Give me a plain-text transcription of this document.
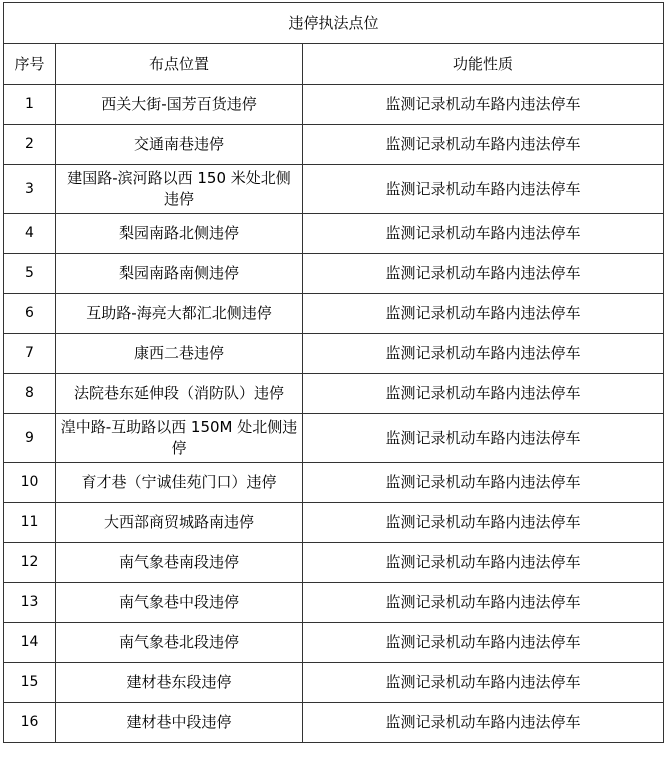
违停执法点位		
序号	布点位置	功能性质
1	西关大街-国芳百货违停	监测记录机动车路内违法停车
2	交通南巷违停	监测记录机动车路内违法停车
3	建国路-滨河路以西 150 米处北侧违停	监测记录机动车路内违法停车
4	梨园南路北侧违停	监测记录机动车路内违法停车
5	梨园南路南侧违停	监测记录机动车路内违法停车
6	互助路-海亮大都汇北侧违停	监测记录机动车路内违法停车
7	康西二巷违停	监测记录机动车路内违法停车
8	法院巷东延伸段（消防队）违停	监测记录机动车路内违法停车
9	湟中路-互助路以西 150M 处北侧违停	监测记录机动车路内违法停车
10	育才巷（宁诚佳苑门口）违停	监测记录机动车路内违法停车
11	大西部商贸城路南违停	监测记录机动车路内违法停车
12	南气象巷南段违停	监测记录机动车路内违法停车
13	南气象巷中段违停	监测记录机动车路内违法停车
14	南气象巷北段违停	监测记录机动车路内违法停车
15	建材巷东段违停	监测记录机动车路内违法停车
16	建材巷中段违停	监测记录机动车路内违法停车
